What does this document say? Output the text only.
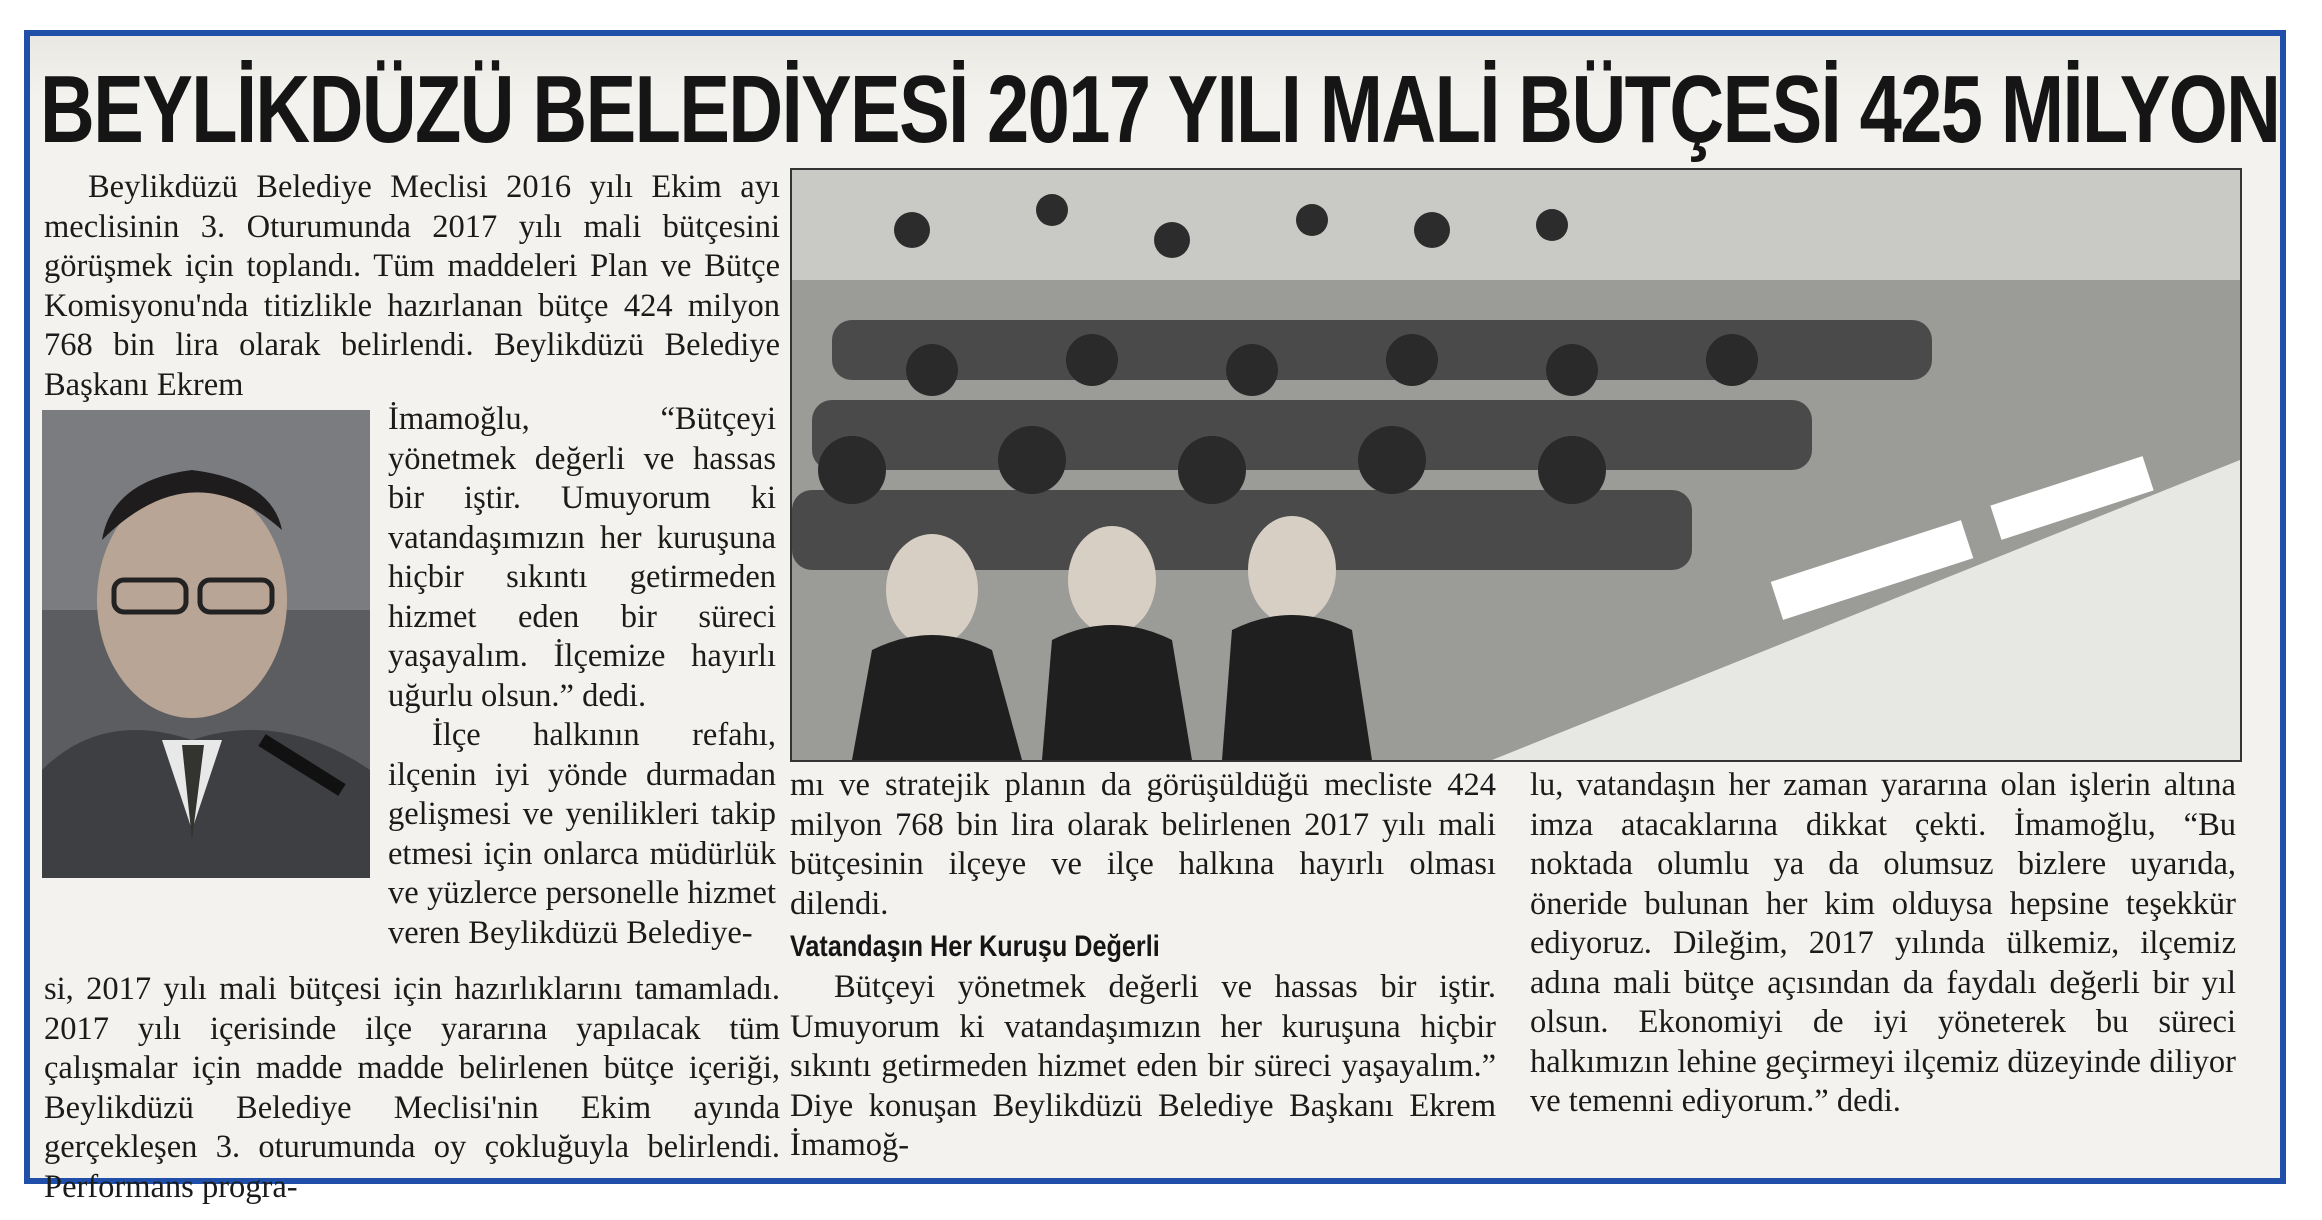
BEYLİKDÜZÜ BELEDİYESİ 2017 YILI MALİ BÜTÇESİ 425 MİLYON

Beylikdüzü Belediye Meclisi 2016 yılı Ekim ayı meclisinin 3. Oturumunda 2017 yılı mali bütçesini görüşmek için toplandı. Tüm maddeleri Plan ve Bütçe Komisyonu'nda titizlikle hazırlanan bütçe 424 milyon 768 bin lira olarak belirlendi. Beylikdüzü Belediye Başkanı Ekrem

İmamoğlu, “Bütçeyi yönetmek değerli ve hassas bir iştir. Umuyorum ki vatandaşımızın her kuruşuna hiçbir sıkıntı getirmeden hizmet eden bir süreci yaşayalım. İlçemize hayırlı uğurlu olsun.” dedi.

İlçe halkının refahı, ilçenin iyi yönde durmadan gelişmesi ve yenilikleri takip etmesi için onlarca müdürlük ve yüzlerce personelle hizmet veren Beylikdüzü Belediye-

si, 2017 yılı mali bütçesi için hazırlıklarını tamamladı. 2017 yılı içerisinde ilçe yararına yapılacak tüm çalışmalar için madde madde belirlenen bütçe içeriği, Beylikdüzü Belediye Meclisi'nin Ekim ayında gerçekleşen 3. oturumunda oy çokluğuyla belirlendi. Performans progra-

mı ve stratejik planın da görüşüldüğü mecliste 424 milyon 768 bin lira olarak belirlenen 2017 yılı mali bütçesinin ilçeye ve ilçe halkına hayırlı olması dilendi.

Vatandaşın Her Kuruşu Değerli

Bütçeyi yönetmek değerli ve hassas bir iştir. Umuyorum ki vatandaşımızın her kuruşuna hiçbir sıkıntı getirmeden hizmet eden bir süreci yaşayalım.” Diye konuşan Beylikdüzü Belediye Başkanı Ekrem İmamoğ-

lu, vatandaşın her zaman yararına olan işlerin altına imza atacaklarına dikkat çekti. İmamoğlu, “Bu noktada olumlu ya da olumsuz bizlere uyarıda, öneride bulunan her kim olduysa hepsine teşekkür ediyoruz. Dileğim, 2017 yılında ülkemiz, ilçemiz adına mali bütçe açısından da faydalı değerli bir yıl olsun. Ekonomiyi de iyi yöneterek bu süreci halkımızın lehine geçirmeyi ilçemiz düzeyinde diliyor ve temenni ediyorum.” dedi.
